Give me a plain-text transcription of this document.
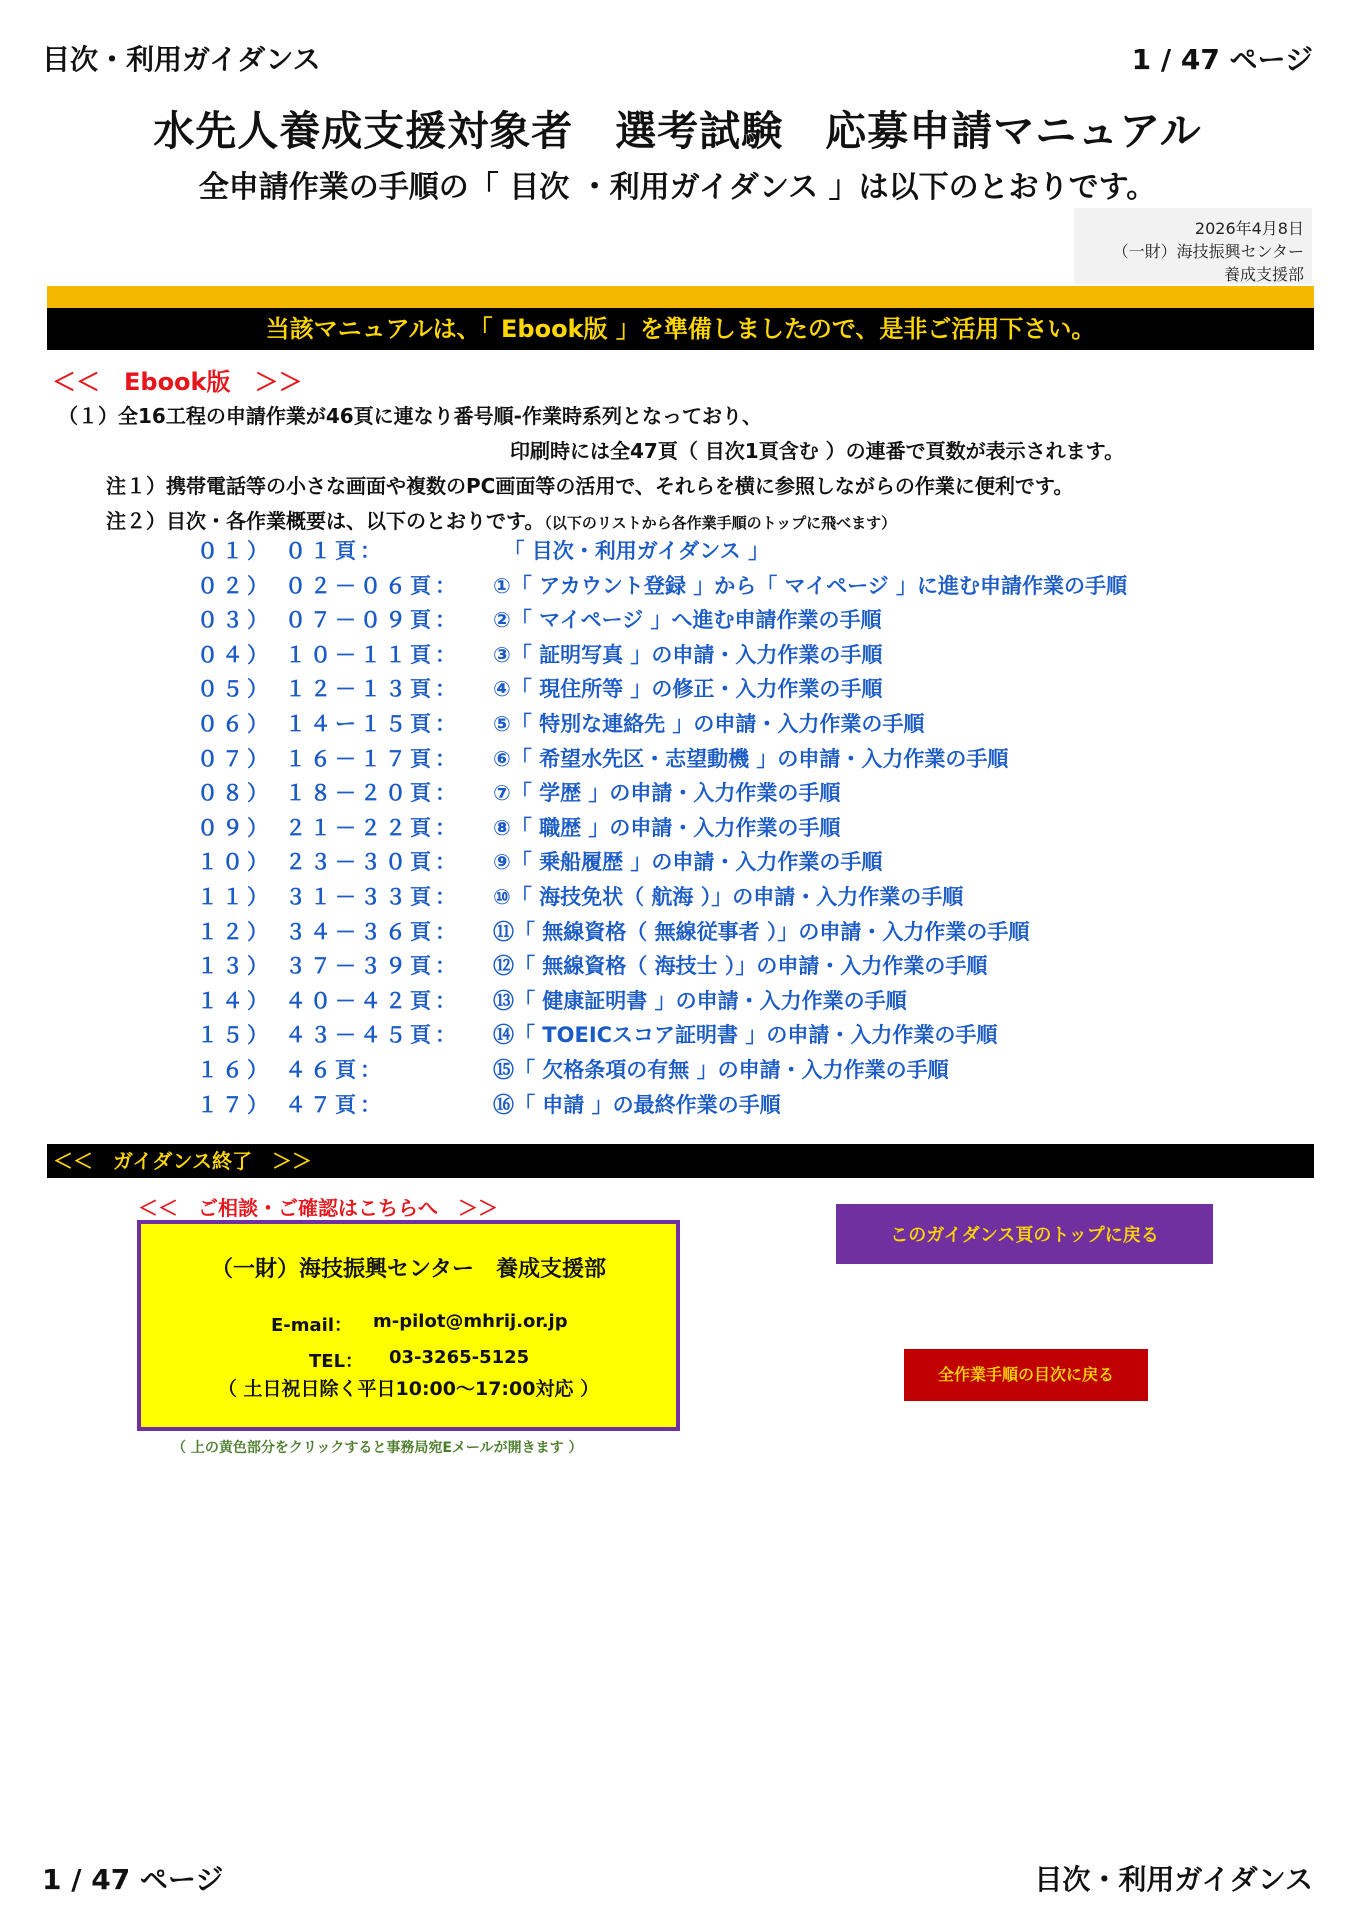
目次・利用ガイダンス	1 / 47 ページ
水先人養成支援対象者　選考試験　応募申請マニュアル
全申請作業の手順の「 目次 ・利用ガイダンス 」は以下のとおりです。
2026年4月8日
（一財）海技振興センター
養成支援部
当該マニュアルは、「 Ebook版 」を準備しましたので、是非ご活用下さい。
＜＜　Ebook版　＞＞
（１）全16工程の申請作業が46頁に連なり番号順-作業時系列となっており、
印刷時には全47頁（ 目次1頁含む ）の連番で頁数が表示されます。
注１）携帯電話等の小さな画面や複数のPC画面等の活用で、それらを横に参照しながらの作業に便利です。
注２）目次・各作業概要は、以下のとおりです。（以下のリストから各作業手順のトップに飛べます）
０１） ０１頁：	　「 目次・利用ガイダンス 」
０２） ０２－０６頁： ①「 アカウント登録 」から「 マイページ 」に進む申請作業の手順
０３） ０７－０９頁： ②「 マイページ 」へ進む申請作業の手順
０４） １０－１１頁： ③「 証明写真 」の申請・入力作業の手順
０５） １２－１３頁： ④「 現住所等 」の修正・入力作業の手順
０６） １４ー１５頁： ⑤「 特別な連絡先 」の申請・入力作業の手順
０７） １６－１７頁： ⑥「 希望水先区・志望動機 」の申請・入力作業の手順
０８） １８－２０頁： ⑦「 学歴 」の申請・入力作業の手順
０９） ２１－２２頁： ⑧「 職歴 」の申請・入力作業の手順
１０） ２３－３０頁： ⑨「 乗船履歴 」の申請・入力作業の手順
１１） ３１－３３頁： ⑩「 海技免状（ 航海 ）」の申請・入力作業の手順
１２） ３４－３６頁： ⑪「 無線資格（ 無線従事者 ）」の申請・入力作業の手順
１３） ３７－３９頁： ⑫「 無線資格（ 海技士 ）」の申請・入力作業の手順
１４） ４０－４２頁： ⑬「 健康証明書 」の申請・入力作業の手順
１５） ４３－４５頁： ⑭「 TOEICスコア証明書 」の申請・入力作業の手順
１６） ４６頁：	⑮「 欠格条項の有無 」の申請・入力作業の手順
１７） ４７頁：	⑯「 申請 」の最終作業の手順
＜＜　ガイダンス終了　＞＞
＜＜　ご相談・ご確認はこちらへ　＞＞
（一財）海技振興センター　養成支援部
E-mail： m-pilot@mhrij.or.jp
TEL： 03-3265-5125
（ 土日祝日除く平日10:00～17:00対応 ）
（ 上の黄色部分をクリックすると事務局宛Eメールが開きます ）
このガイダンス頁のトップに戻る
全作業手順の目次に戻る
1 / 47 ページ	目次・利用ガイダンス
